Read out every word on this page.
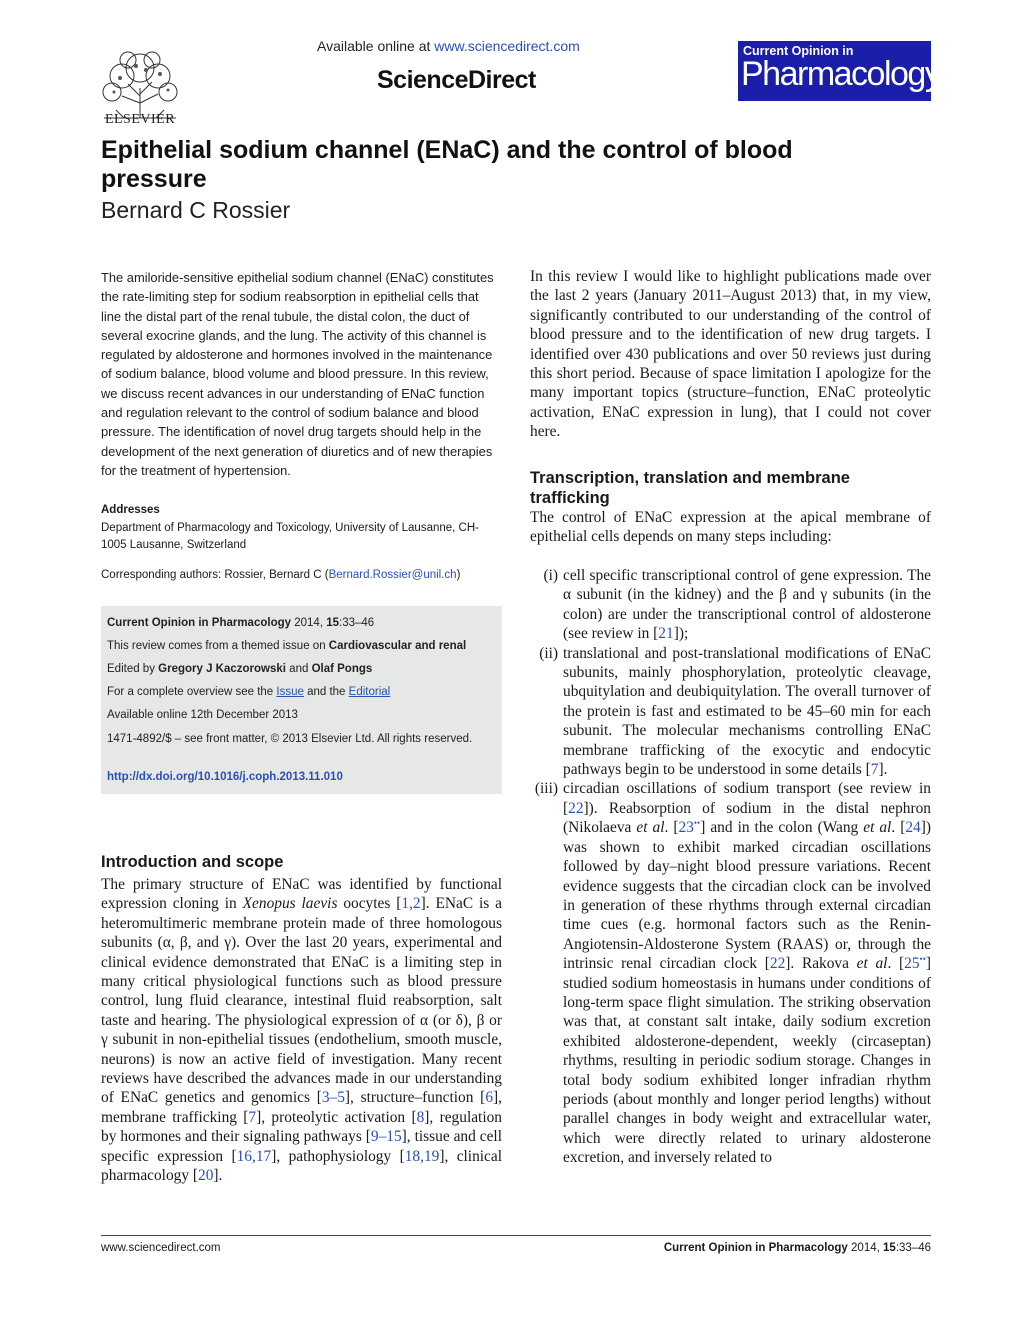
ELSEVIER
Available online at www.sciencedirect.com
ScienceDirect
Current Opinion in
Pharmacology
Epithelial sodium channel (ENaC) and the control of blood pressure
Bernard C Rossier
The amiloride-sensitive epithelial sodium channel (ENaC) constitutes the rate-limiting step for sodium reabsorption in epithelial cells that line the distal part of the renal tubule, the distal colon, the duct of several exocrine glands, and the lung. The activity of this channel is regulated by aldosterone and hormones involved in the maintenance of sodium balance, blood volume and blood pressure. In this review, we discuss recent advances in our understanding of ENaC function and regulation relevant to the control of sodium balance and blood pressure. The identification of novel drug targets should help in the development of the next generation of diuretics and of new therapies for the treatment of hypertension.
Addresses
Department of Pharmacology and Toxicology, University of Lausanne, CH-1005 Lausanne, Switzerland
Corresponding authors: Rossier, Bernard C (Bernard.Rossier@unil.ch)
Current Opinion in Pharmacology 2014, 15:33–46
This review comes from a themed issue on Cardiovascular and renal
Edited by Gregory J Kaczorowski and Olaf Pongs
For a complete overview see the Issue and the Editorial
Available online 12th December 2013
1471-4892/$ – see front matter, © 2013 Elsevier Ltd. All rights reserved.
http://dx.doi.org/10.1016/j.coph.2013.11.010
Introduction and scope
The primary structure of ENaC was identified by functional expression cloning in Xenopus laevis oocytes [1,2]. ENaC is a heteromultimeric membrane protein made of three homologous subunits (α, β, and γ). Over the last 20 years, experimental and clinical evidence demonstrated that ENaC is a limiting step in many critical physiological functions such as blood pressure control, lung fluid clearance, intestinal fluid reabsorption, salt taste and hearing. The physiological expression of α (or δ), β or γ subunit in non-epithelial tissues (endothelium, smooth muscle, neurons) is now an active field of investigation. Many recent reviews have described the advances made in our understanding of ENaC genetics and genomics [3–5], structure–function [6], membrane trafficking [7], proteolytic activation [8], regulation by hormones and their signaling pathways [9–15], tissue and cell specific expression [16,17], pathophysiology [18,19], clinical pharmacology [20].
In this review I would like to highlight publications made over the last 2 years (January 2011–August 2013) that, in my view, significantly contributed to our understanding of the control of blood pressure and to the identification of new drug targets. I identified over 430 publications and over 50 reviews just during this short period. Because of space limitation I apologize for the many important topics (structure–function, ENaC proteolytic activation, ENaC expression in lung), that I could not cover here.
Transcription, translation and membrane trafficking
The control of ENaC expression at the apical membrane of epithelial cells depends on many steps including:
(i) cell specific transcriptional control of gene expression. The α subunit (in the kidney) and the β and γ subunits (in the colon) are under the transcriptional control of aldosterone (see review in [21]);
(ii) translational and post-translational modifications of ENaC subunits, mainly phosphorylation, proteolytic cleavage, ubquitylation and deubiquitylation. The overall turnover of the protein is fast and estimated to be 45–60 min for each subunit. The molecular mechanisms controlling ENaC membrane trafficking of the exocytic and endocytic pathways begin to be understood in some details [7].
(iii) circadian oscillations of sodium transport (see review in [22]). Reabsorption of sodium in the distal nephron (Nikolaeva et al. [23••] and in the colon (Wang et al. [24]) was shown to exhibit marked circadian oscillations followed by day–night blood pressure variations. Recent evidence suggests that the circadian clock can be involved in generation of these rhythms through external circadian time cues (e.g. hormonal factors such as the Renin-Angiotensin-Aldosterone System (RAAS) or, through the intrinsic renal circadian clock [22]. Rakova et al. [25••] studied sodium homeostasis in humans under conditions of long-term space flight simulation. The striking observation was that, at constant salt intake, daily sodium excretion exhibited aldosterone-dependent, weekly (circaseptan) rhythms, resulting in periodic sodium storage. Changes in total body sodium exhibited longer infradian rhythm periods (about monthly and longer period lengths) without parallel changes in body weight and extracellular water, which were directly related to urinary aldosterone excretion, and inversely related to
www.sciencedirect.com	Current Opinion in Pharmacology 2014, 15:33–46
